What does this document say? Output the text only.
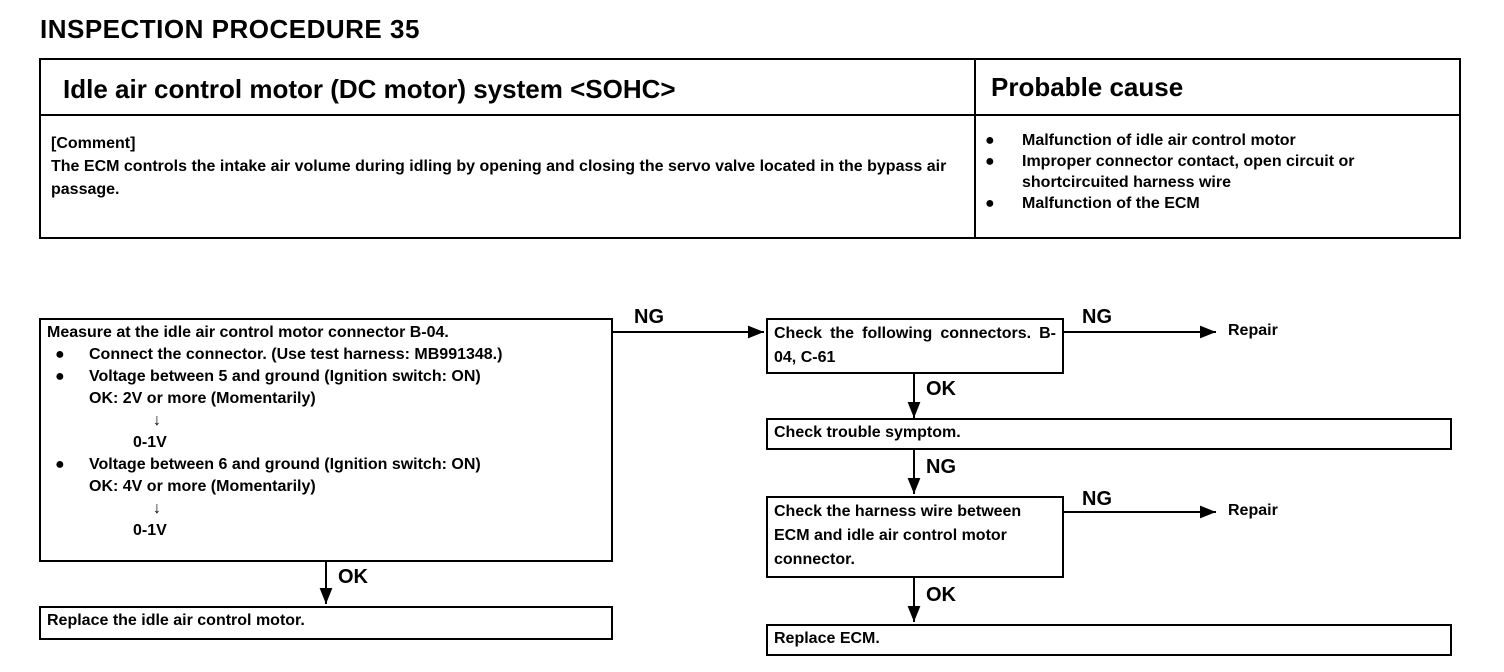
INSPECTION PROCEDURE 35
Idle air control motor (DC motor) system <SOHC>	Probable cause
[Comment]
The ECM controls the intake air volume during idling by opening and closing the servo valve located in the bypass air passage.
● Malfunction of idle air control motor
● Improper connector contact, open circuit or shortcircuited harness wire
● Malfunction of the ECM
Measure at the idle air control motor connector B-04.
● Connect the connector. (Use test harness: MB991348.)
● Voltage between 5 and ground (Ignition switch: ON)
OK: 2V or more (Momentarily)
↓
0-1V
● Voltage between 6 and ground (Ignition switch: ON)
OK: 4V or more (Momentarily)
↓
0-1V
Replace the idle air control motor.
Check the following connectors. B-04, C-61
Check trouble symptom.
Check the harness wire between ECM and idle air control motor connector.
Replace ECM.
Repair
Repair
NG	NG
OK
NG
NG
OK
OK
